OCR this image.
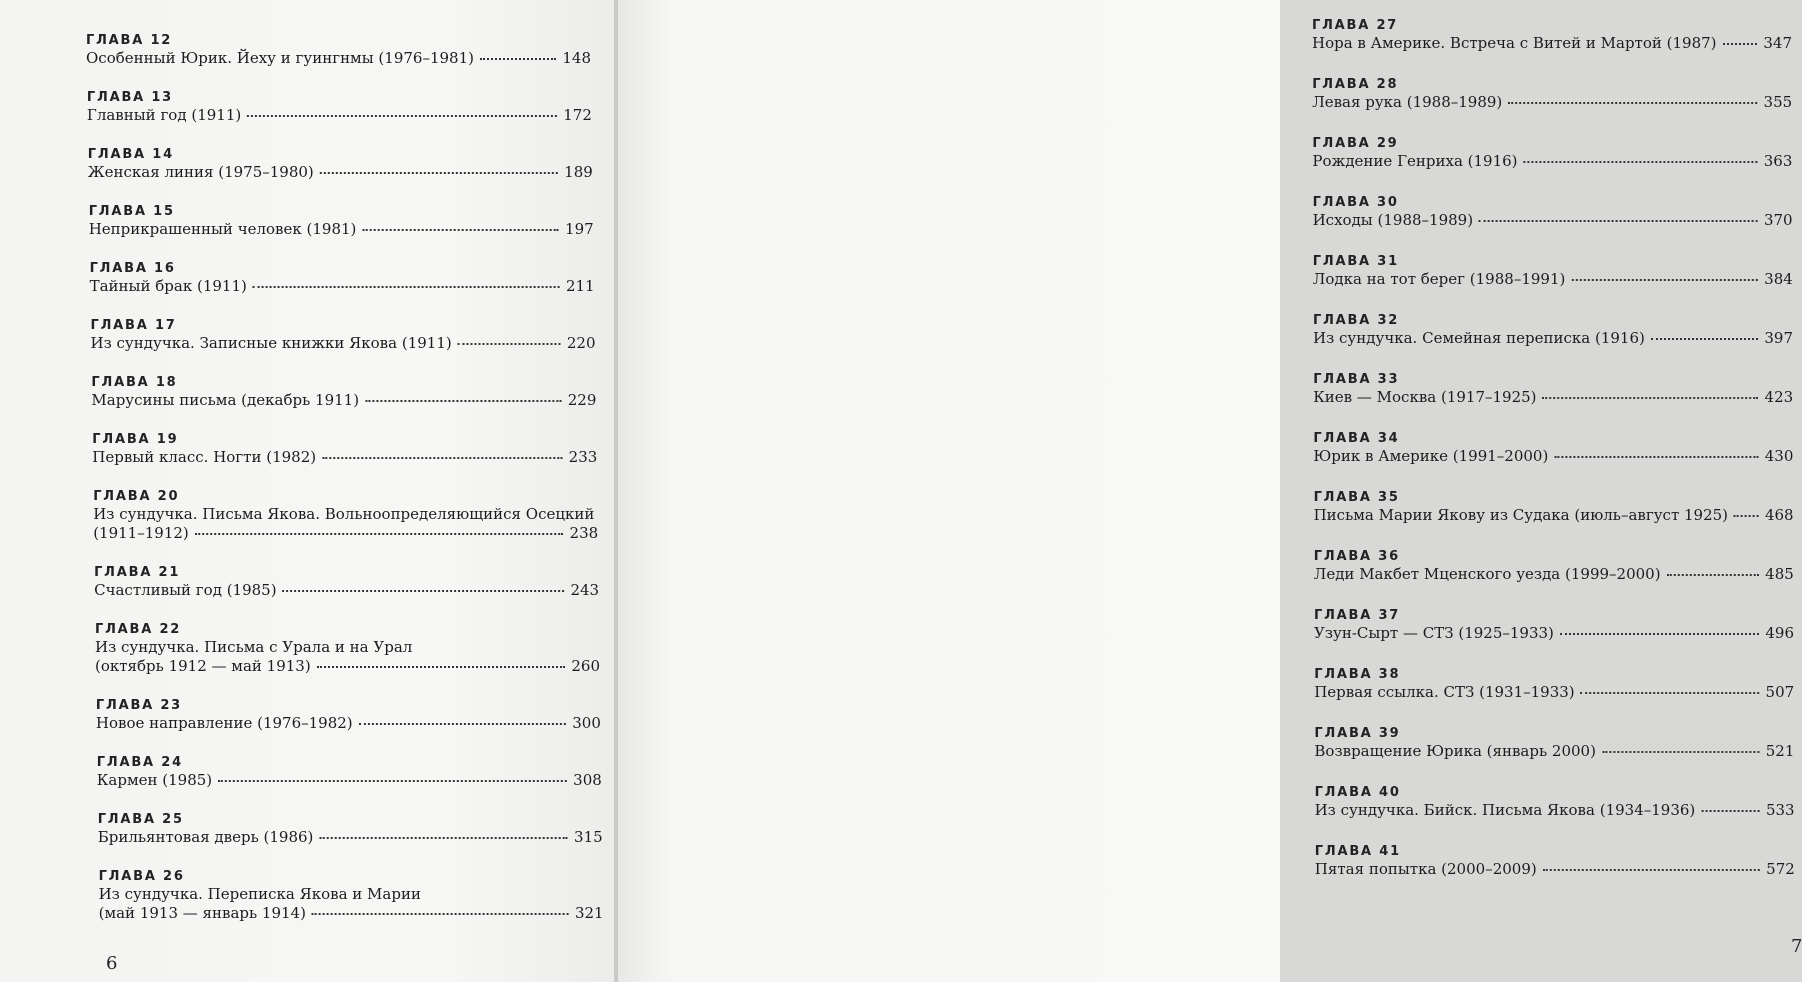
ГЛАВА 12
Особенный Юрик. Йеху и гуингнмы (1976–1981)	148
ГЛАВА 13
Главный год (1911)	172
ГЛАВА 14
Женская линия (1975–1980)	189
ГЛАВА 15
Неприкрашенный человек (1981)	197
ГЛАВА 16
Тайный брак (1911)	211
ГЛАВА 17
Из сундучка. Записные книжки Якова (1911)	220
ГЛАВА 18
Марусины письма (декабрь 1911)	229
ГЛАВА 19
Первый класс. Ногти (1982)	233
ГЛАВА 20
Из сундучка. Письма Якова. Вольноопределяющийся Осецкий
(1911–1912)	238
ГЛАВА 21
Счастливый год (1985)	243
ГЛАВА 22
Из сундучка. Письма с Урала и на Урал
(октябрь 1912 — май 1913)	260
ГЛАВА 23
Новое направление (1976–1982)	300
ГЛАВА 24
Кармен (1985)	308
ГЛАВА 25
Брильянтовая дверь (1986)	315
ГЛАВА 26
Из сундучка. Переписка Якова и Марии
(май 1913 — январь 1914)	321
6
ГЛАВА 27
Нора в Америке. Встреча с Витей и Мартой (1987)	347
ГЛАВА 28
Левая рука (1988–1989)	355
ГЛАВА 29
Рождение Генриха (1916)	363
ГЛАВА 30
Исходы (1988–1989)	370
ГЛАВА 31
Лодка на тот берег (1988–1991)	384
ГЛАВА 32
Из сундучка. Семейная переписка (1916)	397
ГЛАВА 33
Киев — Москва (1917–1925)	423
ГЛАВА 34
Юрик в Америке (1991–2000)	430
ГЛАВА 35
Письма Марии Якову из Судака (июль–август 1925) 468
ГЛАВА 36
Леди Макбет Мценского уезда (1999–2000)	485
ГЛАВА 37
Узун-Сырт — СТЗ (1925–1933)	496
ГЛАВА 38
Первая ссылка. СТЗ (1931–1933)	507
ГЛАВА 39
Возвращение Юрика (январь 2000)	521
ГЛАВА 40
Из сундучка. Бийск. Письма Якова (1934–1936)	533
ГЛАВА 41
Пятая попытка (2000–2009)	572
7
